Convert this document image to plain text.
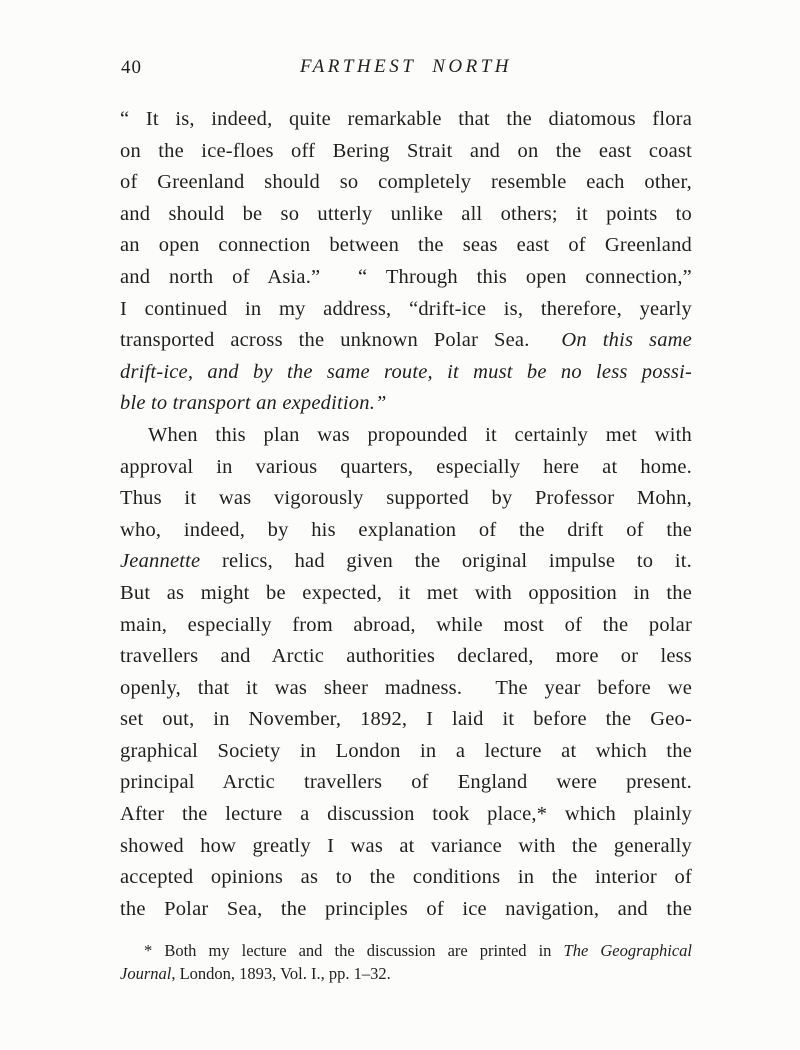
40	FARTHEST NORTH
“ It is, indeed, quite remarkable that the diatomous flora
on the ice-floes off Bering Strait and on the east coast
of Greenland should so completely resemble each other,
and should be so utterly unlike all others; it points to
an open connection between the seas east of Greenland
and north of Asia.”  “ Through this open connection,”
I continued in my address, “drift-ice is, therefore, yearly
transported across the unknown Polar Sea.  On this same
drift-ice, and by the same route, it must be no less possi-
ble to transport an expedition.”
When this plan was propounded it certainly met with
approval in various quarters, especially here at home.
Thus it was vigorously supported by Professor Mohn,
who, indeed, by his explanation of the drift of the
Jeannette relics, had given the original impulse to it.
But as might be expected, it met with opposition in the
main, especially from abroad, while most of the polar
travellers and Arctic authorities declared, more or less
openly, that it was sheer madness.  The year before we
set out, in November, 1892, I laid it before the Geo-
graphical Society in London in a lecture at which the
principal Arctic travellers of England were present.
After the lecture a discussion took place,* which plainly
showed how greatly I was at variance with the generally
accepted opinions as to the conditions in the interior of
the Polar Sea, the principles of ice navigation, and the
* Both my lecture and the discussion are printed in The Geographical
Journal, London, 1893, Vol. I., pp. 1–32.
